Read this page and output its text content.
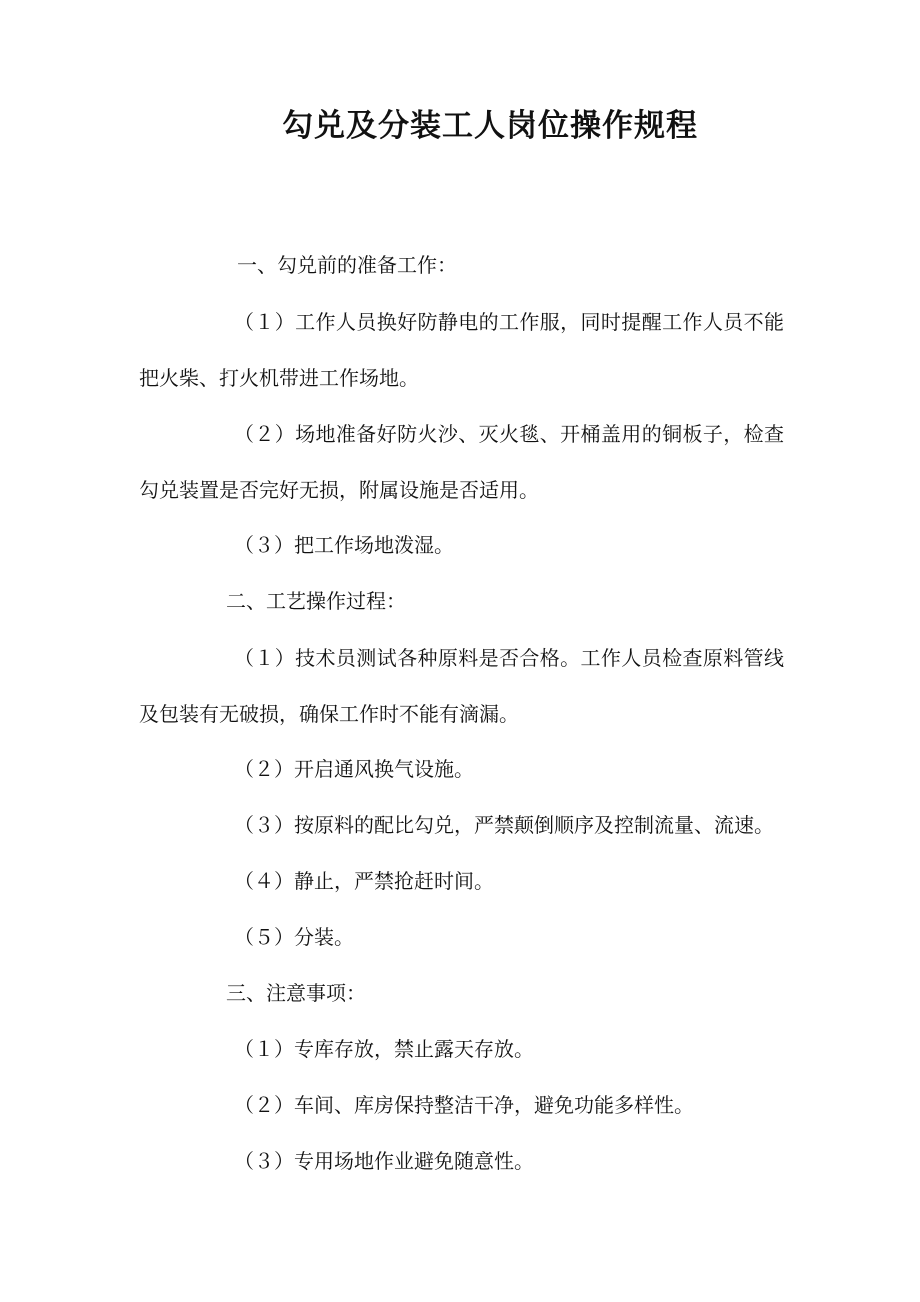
勾兑及分装工人岗位操作规程

一、勾兑前的准备工作：

（１）工作人员换好防静电的工作服，同时提醒工作人员不能把火柴、打火机带进工作场地。

（２）场地准备好防火沙、灭火毯、开桶盖用的铜板子，检查勾兑装置是否完好无损，附属设施是否适用。

（３）把工作场地泼湿。

二、工艺操作过程：

（１）技术员测试各种原料是否合格。工作人员检查原料管线及包装有无破损，确保工作时不能有滴漏。

（２）开启通风换气设施。

（３）按原料的配比勾兑，严禁颠倒顺序及控制流量、流速。

（４）静止，严禁抢赶时间。

（５）分装。

三、注意事项：

（１）专库存放，禁止露天存放。

（２）车间、库房保持整洁干净，避免功能多样性。

（３）专用场地作业避免随意性。
